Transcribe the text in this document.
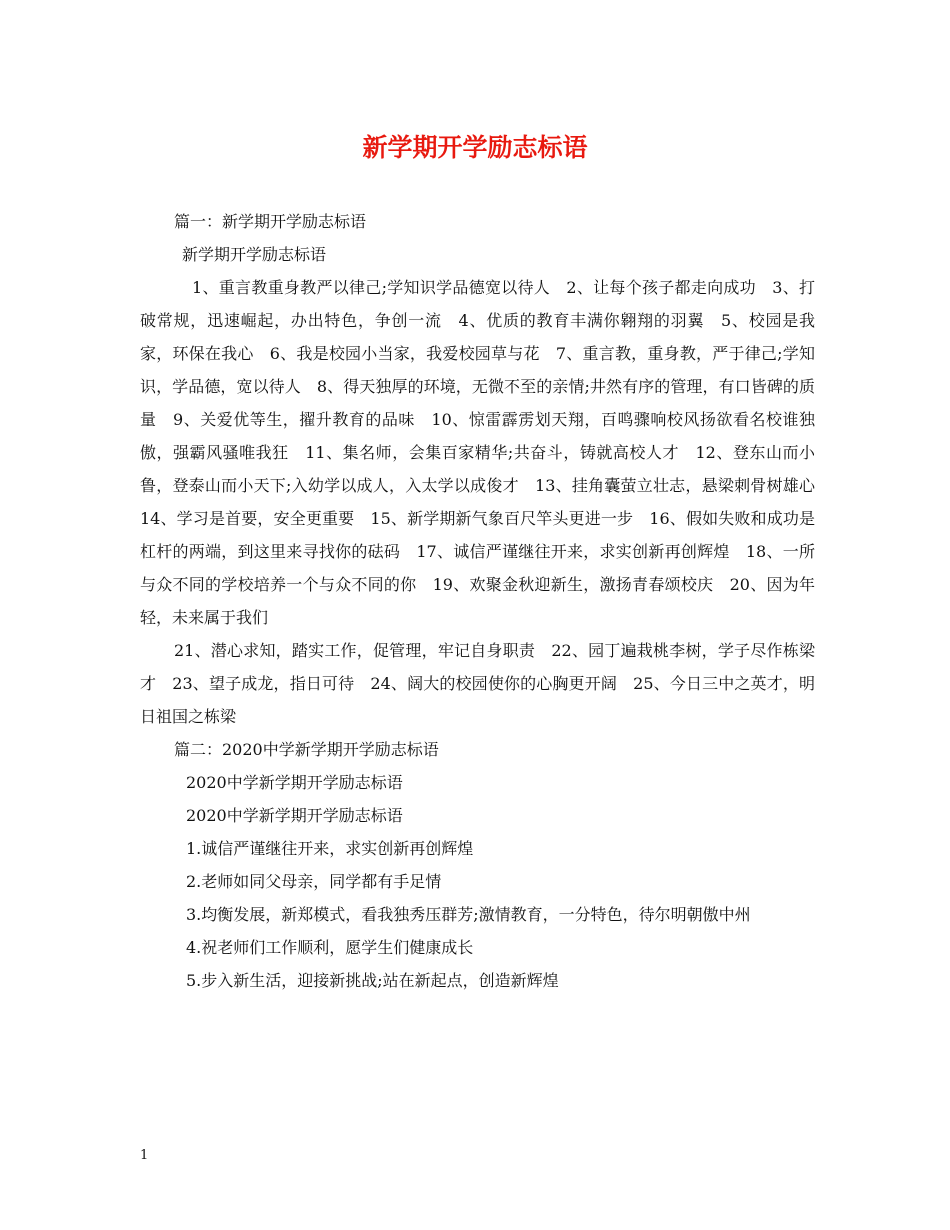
新学期开学励志标语

篇一：新学期开学励志标语

新学期开学励志标语

1、重言教重身教严以律己;学知识学品德宽以待人　2、让每个孩子都走向成功　3、打破常规，迅速崛起，办出特色，争创一流　4、优质的教育丰满你翱翔的羽翼　5、校园是我家，环保在我心　6、我是校园小当家，我爱校园草与花　7、重言教，重身教，严于律己;学知识，学品德，宽以待人　8、得天独厚的环境，无微不至的亲情;井然有序的管理，有口皆碑的质量　9、关爱优等生，擢升教育的品味　10、惊雷霹雳划天翔，百鸣骤响校风扬欲看名校谁独傲，强霸风骚唯我狂　11、集名师，会集百家精华;共奋斗，铸就高校人才　12、登东山而小鲁，登泰山而小天下;入幼学以成人，入太学以成俊才　13、挂角囊萤立壮志，悬梁刺骨树雄心　14、学习是首要，安全更重要　15、新学期新气象百尺竿头更进一步　16、假如失败和成功是杠杆的两端，到这里来寻找你的砝码　17、诚信严谨继往开来，求实创新再创辉煌　18、一所与众不同的学校培养一个与众不同的你　19、欢聚金秋迎新生，激扬青春颂校庆　20、因为年轻，未来属于我们

21、潜心求知，踏实工作，促管理，牢记自身职责　22、园丁遍栽桃李树，学子尽作栋梁才　23、望子成龙，指日可待　24、阔大的校园使你的心胸更开阔　25、今日三中之英才，明日祖国之栋梁

篇二：2020中学新学期开学励志标语

2020中学新学期开学励志标语

2020中学新学期开学励志标语

1.诚信严谨继往开来，求实创新再创辉煌

2.老师如同父母亲，同学都有手足情

3.均衡发展，新郑模式，看我独秀压群芳;激情教育，一分特色，待尔明朝傲中州

4.祝老师们工作顺利，愿学生们健康成长

5.步入新生活，迎接新挑战;站在新起点，创造新辉煌

1
